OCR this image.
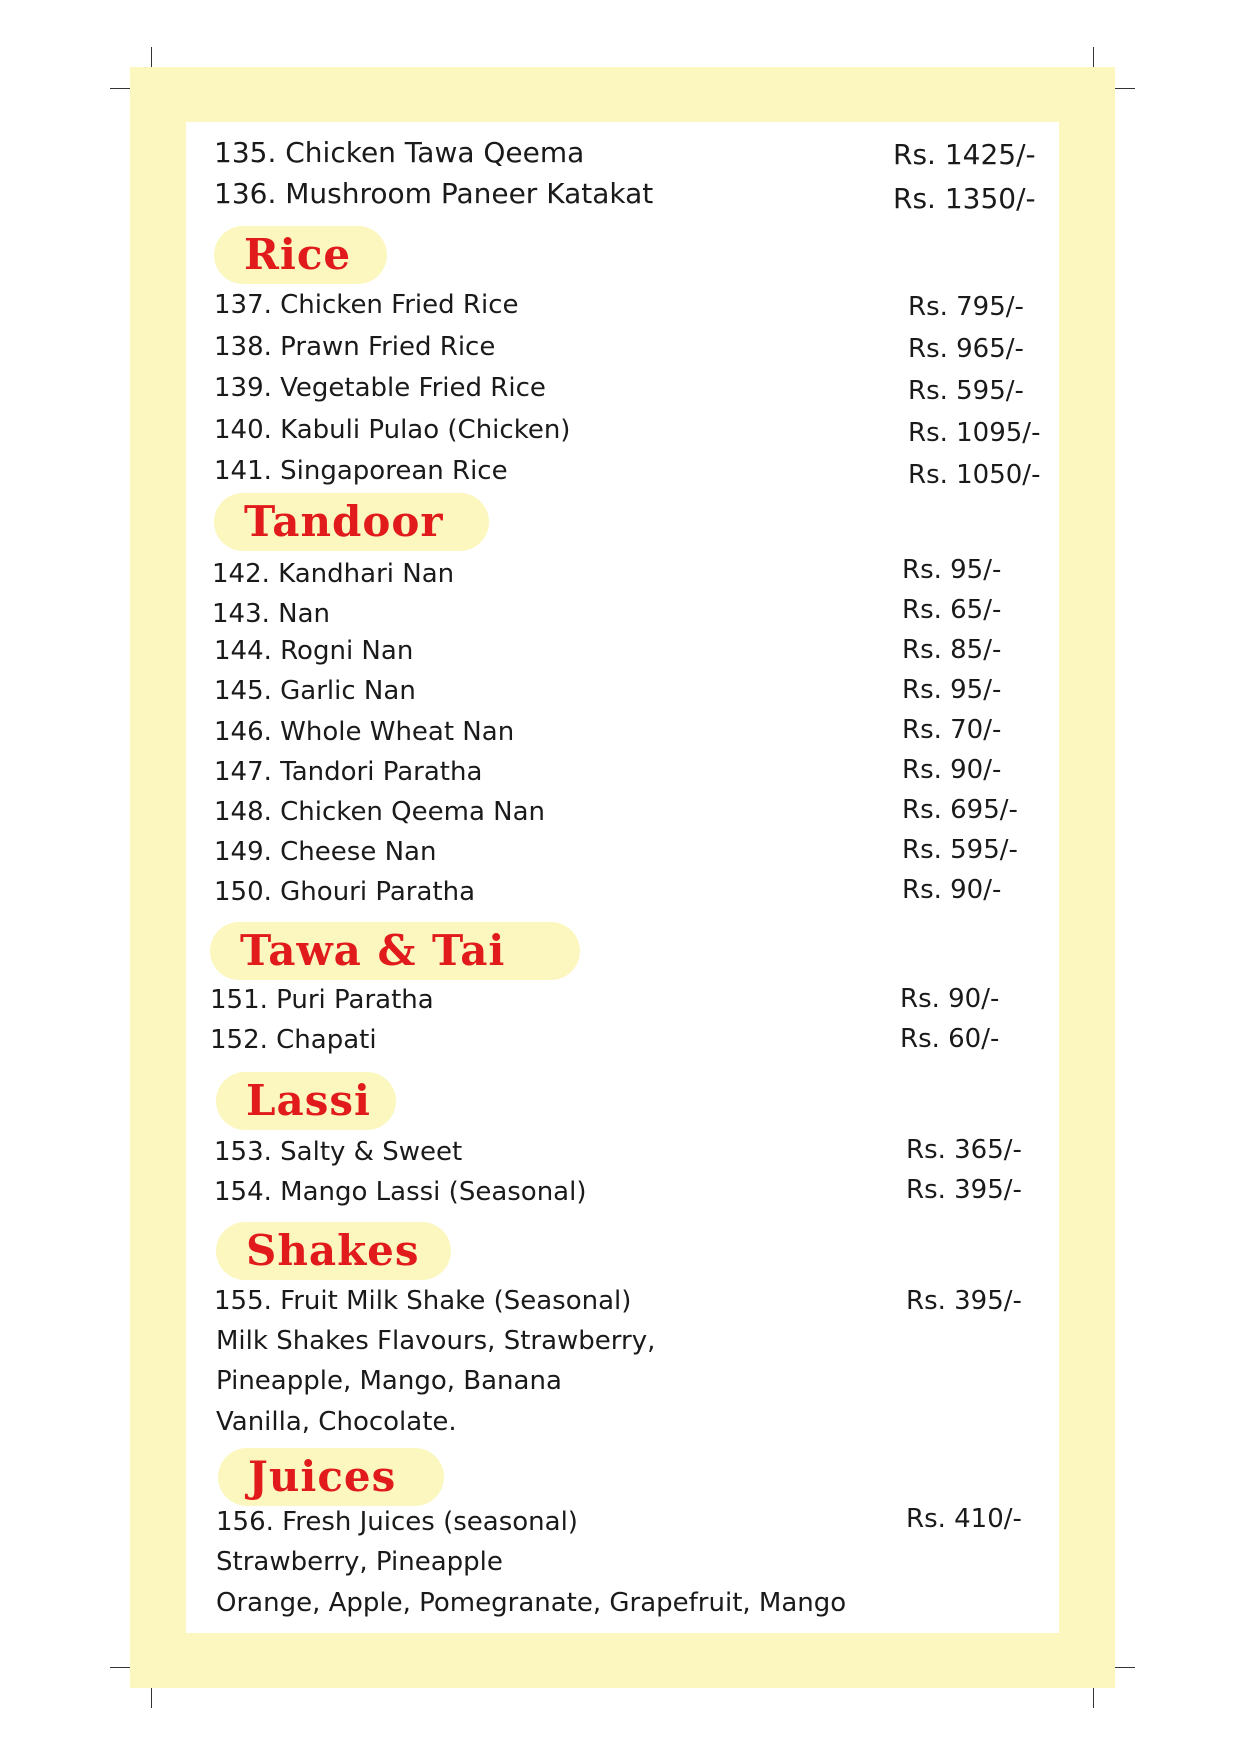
135. Chicken Tawa Qeema	Rs. 1425/-
136. Mushroom Paneer Katakat	Rs. 1350/-
Rice
137. Chicken Fried Rice	Rs. 795/-
138. Prawn Fried Rice	Rs. 965/-
139. Vegetable Fried Rice	Rs. 595/-
140. Kabuli Pulao (Chicken)	Rs. 1095/-
141. Singaporean Rice	Rs. 1050/-
Tandoor
142. Kandhari Nan	Rs. 95/-
143. Nan	Rs. 65/-
144. Rogni Nan	Rs. 85/-
145. Garlic Nan	Rs. 95/-
146. Whole Wheat Nan	Rs. 70/-
147. Tandori Paratha	Rs. 90/-
148. Chicken Qeema Nan	Rs. 695/-
149. Cheese Nan	Rs. 595/-
150. Ghouri Paratha	Rs. 90/-
Tawa & Tai
151. Puri Paratha	Rs. 90/-
152. Chapati	Rs. 60/-
Lassi
153. Salty & Sweet	Rs. 365/-
154. Mango Lassi (Seasonal)	Rs. 395/-
Shakes
155. Fruit Milk Shake (Seasonal)	Rs. 395/-
Milk Shakes Flavours, Strawberry,
Pineapple, Mango, Banana
Vanilla, Chocolate.
Juices
156. Fresh Juices (seasonal)	Rs. 410/-
Strawberry, Pineapple
Orange, Apple, Pomegranate, Grapefruit, Mango
